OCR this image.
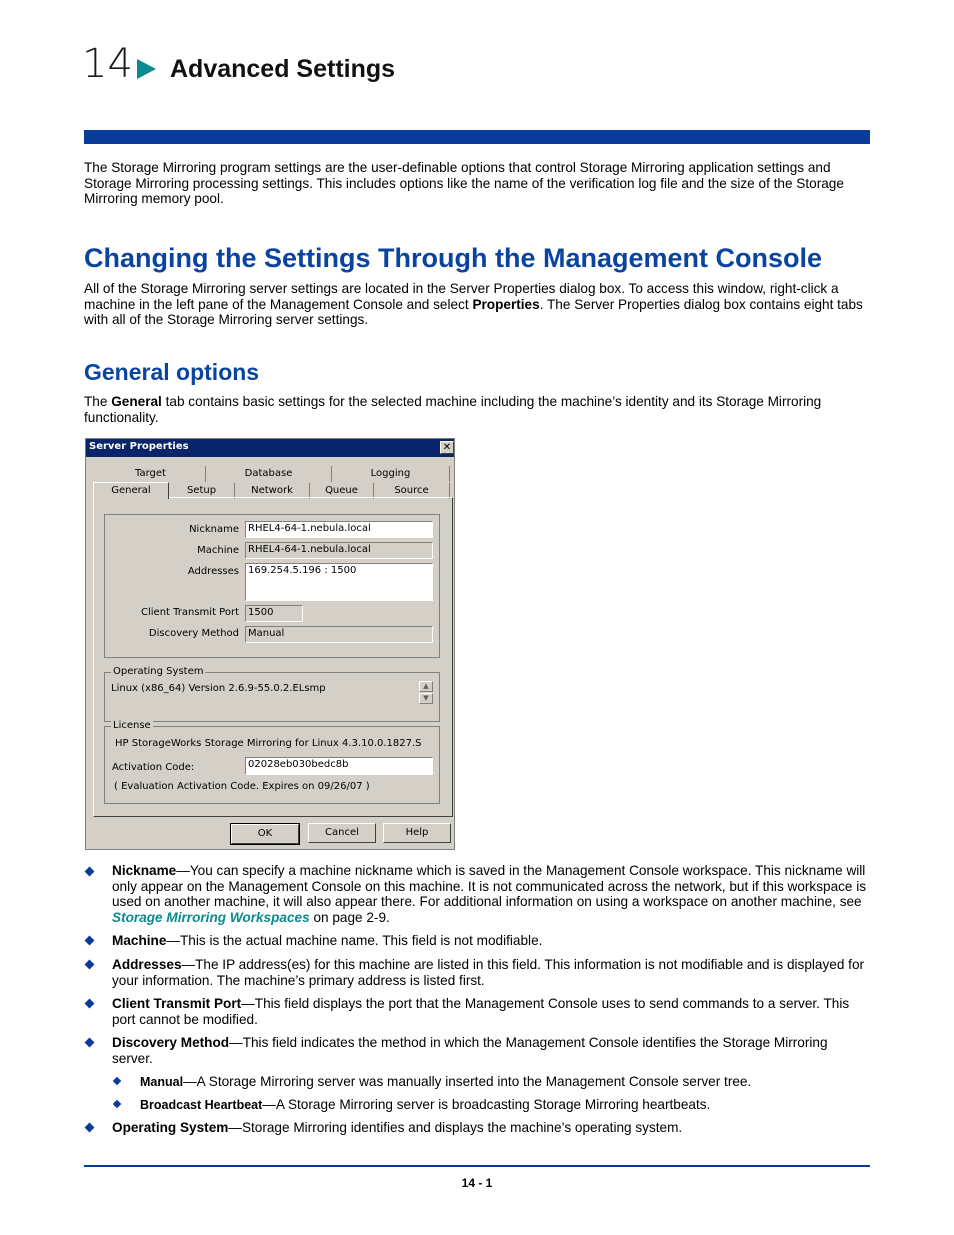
14 Advanced Settings
The Storage Mirroring program settings are the user-definable options that control Storage Mirroring application settings and Storage Mirroring processing settings. This includes options like the name of the verification log file and the size of the Storage Mirroring memory pool.
Changing the Settings Through the Management Console
All of the Storage Mirroring server settings are located in the Server Properties dialog box. To access this window, right-click a machine in the left pane of the Management Console and select Properties. The Server Properties dialog box contains eight tabs with all of the Storage Mirroring server settings.
General options
The General tab contains basic settings for the selected machine including the machine’s identity and its Storage Mirroring functionality.
Server Properties	✕
Target	Database	Logging
General	Setup	Network	Queue	Source
Nickname RHEL4-64-1.nebula.local
Machine RHEL4-64-1.nebula.local
Addresses 169.254.5.196 : 1500
Client Transmit Port 1500
Discovery Method Manual
Operating System
Linux (x86_64) Version 2.6.9-55.0.2.ELsmp	▲
▼
License
HP StorageWorks Storage Mirroring for Linux 4.3.10.0.1827.S
Activation Code:	02028eb030bedc8b
( Evaluation Activation Code. Expires on 09/26/07 )
OK	Cancel	Help
Nickname—You can specify a machine nickname which is saved in the Management Console workspace. This nickname will only appear on the Management Console on this machine. It is not communicated across the network, but if this workspace is used on another machine, it will also appear there. For additional information on using a workspace on another machine, see Storage Mirroring Workspaces on page 2-9.
Machine—This is the actual machine name. This field is not modifiable.
Addresses—The IP address(es) for this machine are listed in this field. This information is not modifiable and is displayed for your information. The machine’s primary address is listed first.
Client Transmit Port—This field displays the port that the Management Console uses to send commands to a server. This port cannot be modified.
Discovery Method—This field indicates the method in which the Management Console identifies the Storage Mirroring server.
Manual—A Storage Mirroring server was manually inserted into the Management Console server tree.
Broadcast Heartbeat—A Storage Mirroring server is broadcasting Storage Mirroring heartbeats.
Operating System—Storage Mirroring identifies and displays the machine’s operating system.
14 - 1
